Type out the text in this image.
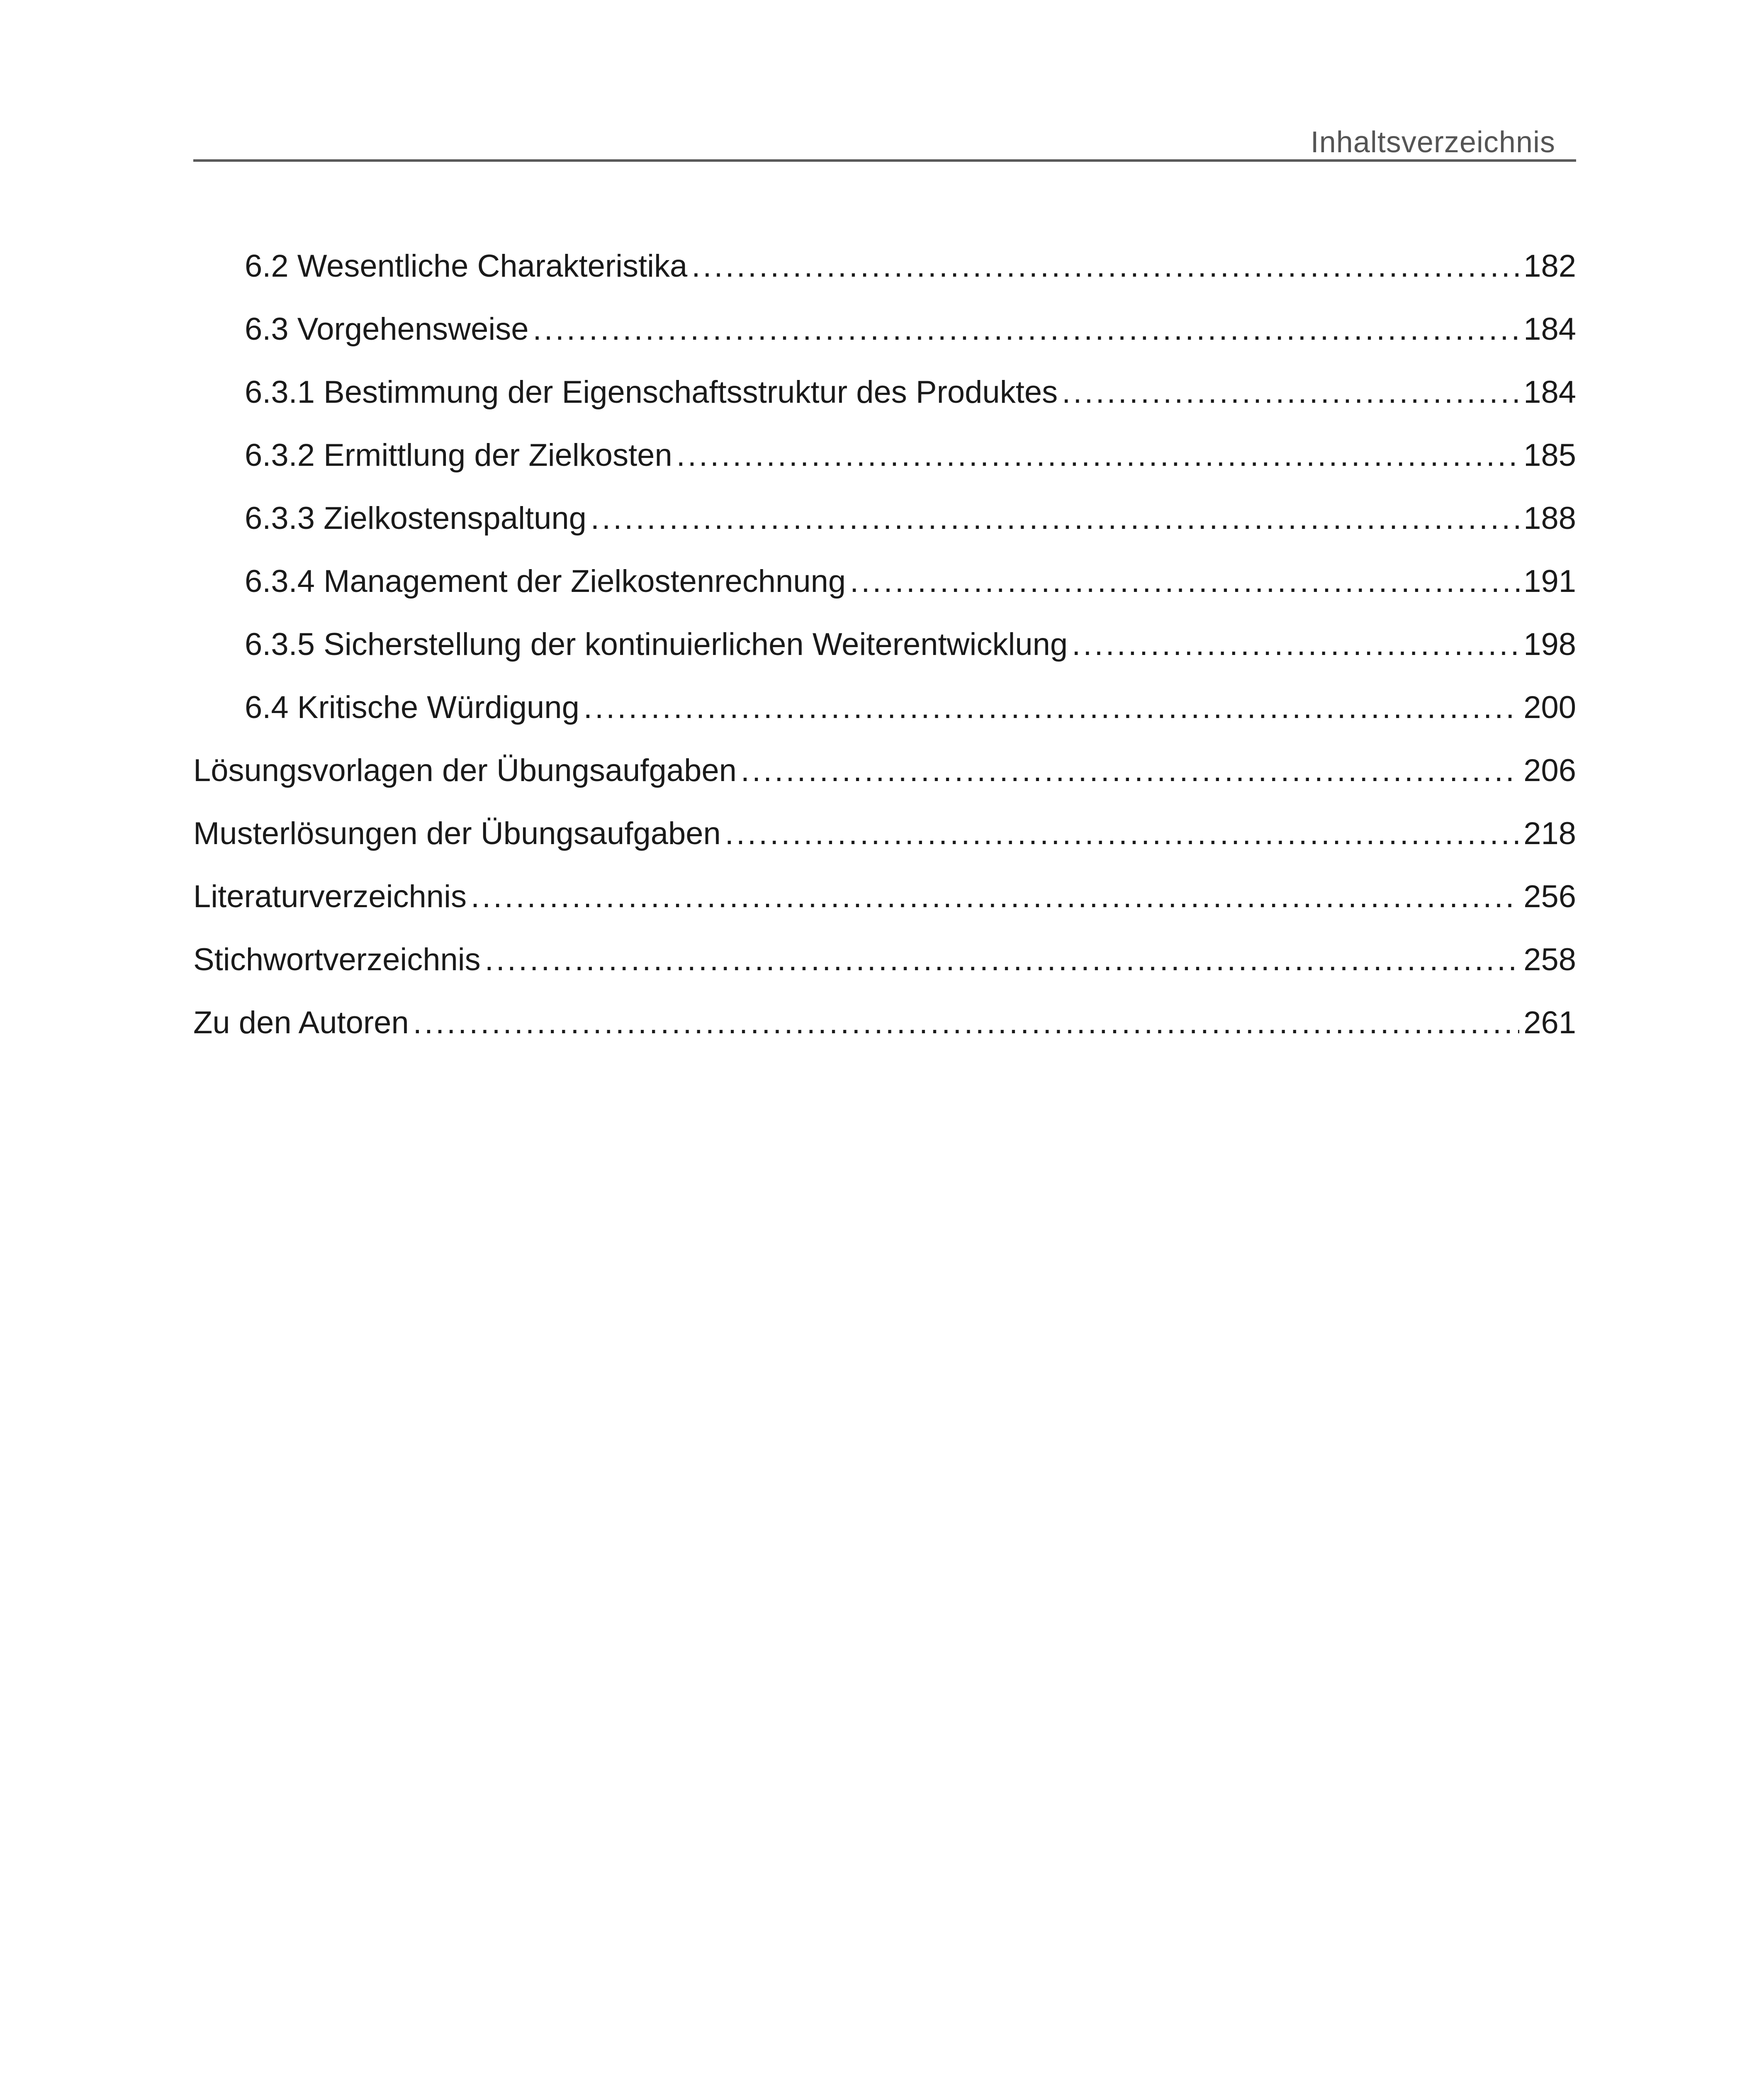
Inhaltsverzeichnis
6.2 Wesentliche Charakteristika .....	182
6.3 Vorgehensweise .....	184
6.3.1 Bestimmung der Eigenschaftsstruktur des Produktes .....	184
6.3.2 Ermittlung der Zielkosten .....	185
6.3.3 Zielkostenspaltung .....	188
6.3.4 Management der Zielkostenrechnung .....	191
6.3.5 Sicherstellung der kontinuierlichen Weiterentwicklung .....	198
6.4 Kritische Würdigung .....	200
Lösungsvorlagen der Übungsaufgaben .....	206
Musterlösungen der Übungsaufgaben .....	218
Literaturverzeichnis .....	256
Stichwortverzeichnis .....	258
Zu den Autoren .....	261
